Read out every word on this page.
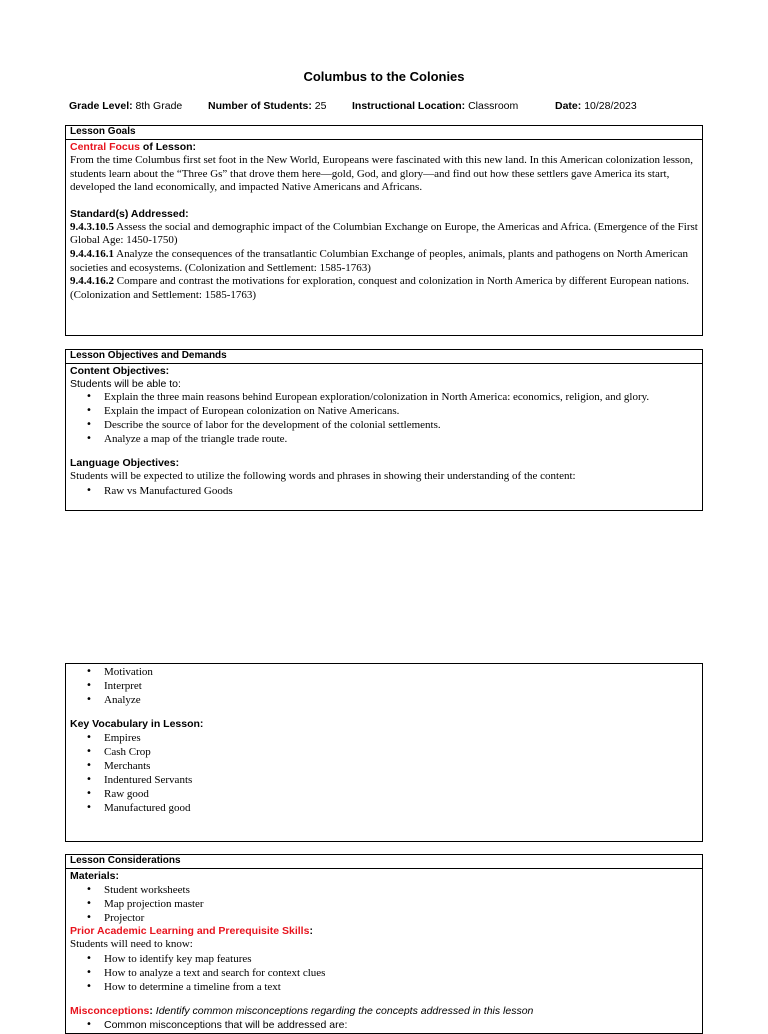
Columbus to the Colonies
Grade Level: 8th Grade Number of Students: 25 Instructional Location: Classroom	Date: 10/28/2023
Lesson Goals
Central Focus of Lesson:
From the time Columbus first set foot in the New World, Europeans were fascinated with this new land. In this American colonization lesson, students learn about the “Three Gs” that drove them here—gold, God, and glory—and find out how these settlers gave America its start, developed the land economically, and impacted Native Americans and Africans.
Standard(s) Addressed:
9.4.3.10.5 Assess the social and demographic impact of the Columbian Exchange on Europe, the Americas and Africa. (Emergence of the First Global Age: 1450-1750)
9.4.4.16.1 Analyze the consequences of the transatlantic Columbian Exchange of peoples, animals, plants and pathogens on North American societies and ecosystems. (Colonization and Settlement: 1585-1763)
9.4.4.16.2 Compare and contrast the motivations for exploration, conquest and colonization in North America by different European nations. (Colonization and Settlement: 1585-1763)
Lesson Objectives and Demands
Content Objectives:
Students will be able to:
• Explain the three main reasons behind European exploration/colonization in North America: economics, religion, and glory.
• Explain the impact of European colonization on Native Americans.
• Describe the source of labor for the development of the colonial settlements.
• Analyze a map of the triangle trade route.
Language Objectives:
Students will be expected to utilize the following words and phrases in showing their understanding of the content:
• Raw vs Manufactured Goods
• Motivation
• Interpret
• Analyze
Key Vocabulary in Lesson:
• Empires
• Cash Crop
• Merchants
• Indentured Servants
• Raw good
• Manufactured good
Lesson Considerations
Materials:
• Student worksheets
• Map projection master
• Projector
Prior Academic Learning and Prerequisite Skills:
Students will need to know:
• How to identify key map features
• How to analyze a text and search for context clues
• How to determine a timeline from a text
Misconceptions: Identify common misconceptions regarding the concepts addressed in this lesson
• Common misconceptions that will be addressed are:
